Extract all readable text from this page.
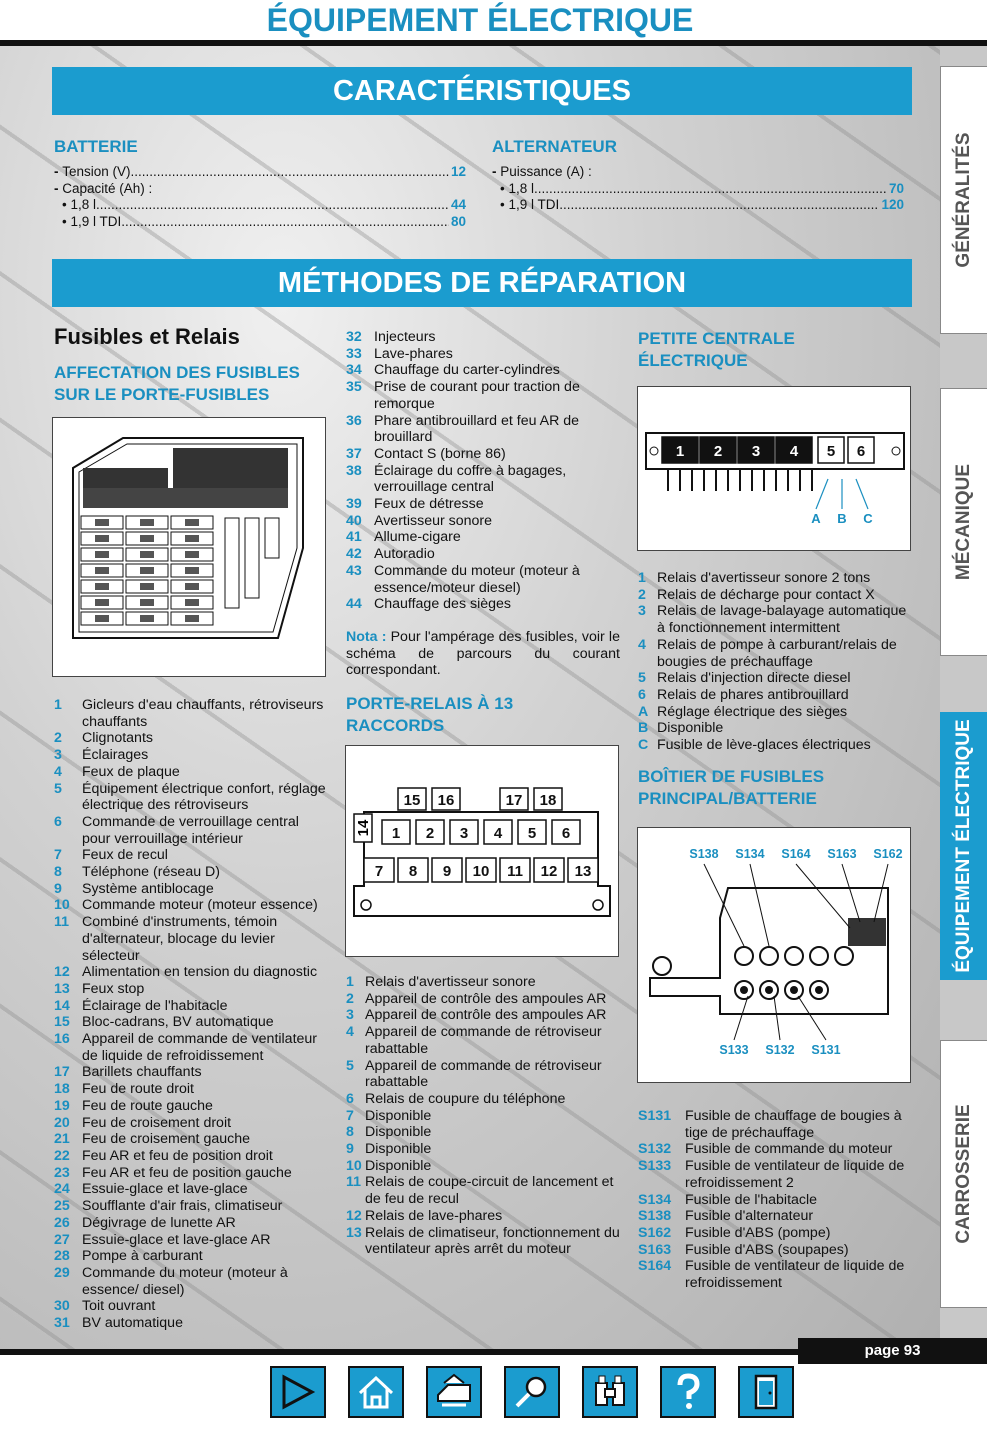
ÉQUIPEMENT ÉLECTRIQUE
CARACTÉRISTIQUES
BATTERIE
- Tension (V) .....	12
- Capacité (Ah) :
• 1,8 l .....	44
• 1,9 l TDI .....	80
ALTERNATEUR
- Puissance (A) :
• 1,8 l .....	70
• 1,9 l TDI .....	120
MÉTHODES DE RÉPARATION
Fusibles et Relais
AFFECTATION DES FUSIBLES SUR LE PORTE-FUSIBLES
1	Gicleurs d'eau chauffants, rétroviseurs chauffants
2	Clignotants
3	Éclairages
4	Feux de plaque
5	Équipement électrique confort, réglage électrique des rétroviseurs
6	Commande de verrouillage central pour verrouillage intérieur
7	Feux de recul
8	Téléphone (réseau D)
9	Système antiblocage
10 Commande moteur (moteur essence)
11 Combiné d'instruments, témoin d'alternateur, blocage du levier sélecteur
12 Alimentation en tension du diagnostic
13 Feux stop
14 Éclairage de l'habitacle
15 Bloc-cadrans, BV automatique
16 Appareil de commande de ventilateur de liquide de refroidissement
17 Barillets chauffants
18 Feu de route droit
19 Feu de route gauche
20 Feu de croisement droit
21 Feu de croisement gauche
22 Feu AR et feu de position droit
23 Feu AR et feu de position gauche
24 Essuie-glace et lave-glace
25 Soufflante d'air frais, climatiseur
26 Dégivrage de lunette AR
27 Essuie-glace et lave-glace AR
28 Pompe à carburant
29 Commande du moteur (moteur à essence/ diesel)
30 Toit ouvrant
31 BV automatique
32 Injecteurs
33 Lave-phares
34 Chauffage du carter-cylindres
35 Prise de courant pour traction de remorque
36 Phare antibrouillard et feu AR de brouillard
37 Contact S (borne 86)
38 Éclairage du coffre à bagages, verrouillage central
39 Feux de détresse
40 Avertisseur sonore
41 Allume-cigare
42 Autoradio
43 Commande du moteur (moteur à essence/moteur diesel)
44 Chauffage des sièges
Nota : Pour l'ampérage des fusibles, voir le schéma de parcours du courant correspondant.
PORTE-RELAIS À 13 RACCORDS
15 16	17 18
14 1 2 3 4 5 6
7 8 9 10 11 12 13
1 Relais d'avertisseur sonore
2 Appareil de contrôle des ampoules AR
3 Appareil de contrôle des ampoules AR
4 Appareil de commande de rétroviseur rabattable
5 Appareil de commande de rétroviseur rabattable
6 Relais de coupure du téléphone
7 Disponible
8 Disponible
9 Disponible
10 Disponible
11 Relais de coupe-circuit de lancement et de feu de recul
12 Relais de lave-phares
13 Relais de climatiseur, fonctionnement du ventilateur après arrêt du moteur
PETITE CENTRALE ÉLECTRIQUE
1 2 3 4 5 6
A B C
1 Relais d'avertisseur sonore 2 tons
2 Relais de décharge pour contact X
3 Relais de lavage-balayage automatique à fonctionnement intermittent
4 Relais de pompe à carburant/relais de bougies de préchauffage
5 Relais d'injection directe diesel
6 Relais de phares antibrouillard
A Réglage électrique des sièges
B Disponible
C Fusible de lève-glaces électriques
BOÎTIER DE FUSIBLES PRINCIPAL/BATTERIE
S138 S134 S164 S163 S162
S133 S132 S131
S131 Fusible de chauffage de bougies à tige de préchauffage
S132 Fusible de commande du moteur
S133 Fusible de ventilateur de liquide de refroidissement 2
S134 Fusible de l'habitacle
S138 Fusible d'alternateur
S162 Fusible d'ABS (pompe)
S163 Fusible d'ABS (soupapes)
S164 Fusible de ventilateur de liquide de refroidissement
GÉNÉRALITÉS
MÉCANIQUE
ÉQUIPEMENT ÉLECTRIQUE
CARROSSERIE
page 93
